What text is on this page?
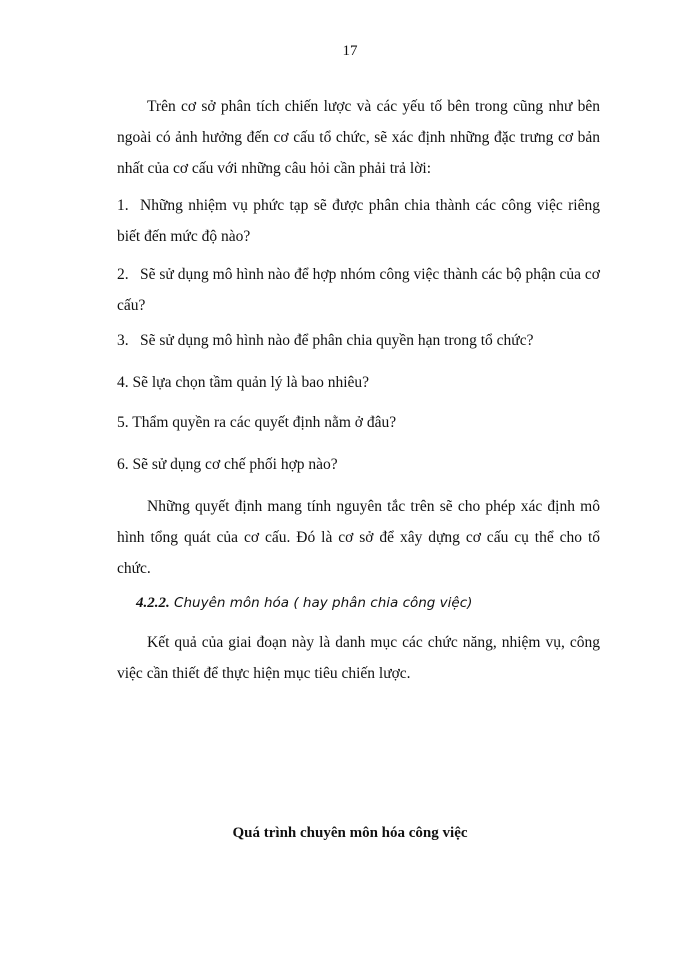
17

Trên cơ sở phân tích chiến lược và các yếu tố bên trong cũng như bên ngoài có ảnh hưởng đến cơ cấu tổ chức, sẽ xác định những đặc trưng cơ bản nhất của cơ cấu với những câu hỏi cần phải trả lời:

1. Những nhiệm vụ phức tạp sẽ được phân chia thành các công việc riêng biết đến mức độ nào?
2. Sẽ sử dụng mô hình nào để hợp nhóm công việc thành các bộ phận của cơ cấu?
3. Sẽ sử dụng mô hình nào để phân chia quyền hạn trong tổ chức?
4. Sẽ lựa chọn tầm quản lý là bao nhiêu?
5. Thẩm quyền ra các quyết định nằm ở đâu?
6. Sẽ sử dụng cơ chế phối hợp nào?

Những quyết định mang tính nguyên tắc trên sẽ cho phép xác định mô hình tổng quát của cơ cấu. Đó là cơ sở để xây dựng cơ cấu cụ thể cho tổ chức.

4.2.2. Chuyên môn hóa ( hay phân chia công việc)

Kết quả của giai đoạn này là danh mục các chức năng, nhiệm vụ, công việc cần thiết để thực hiện mục tiêu chiến lược.

Quá trình chuyên môn hóa công việc
